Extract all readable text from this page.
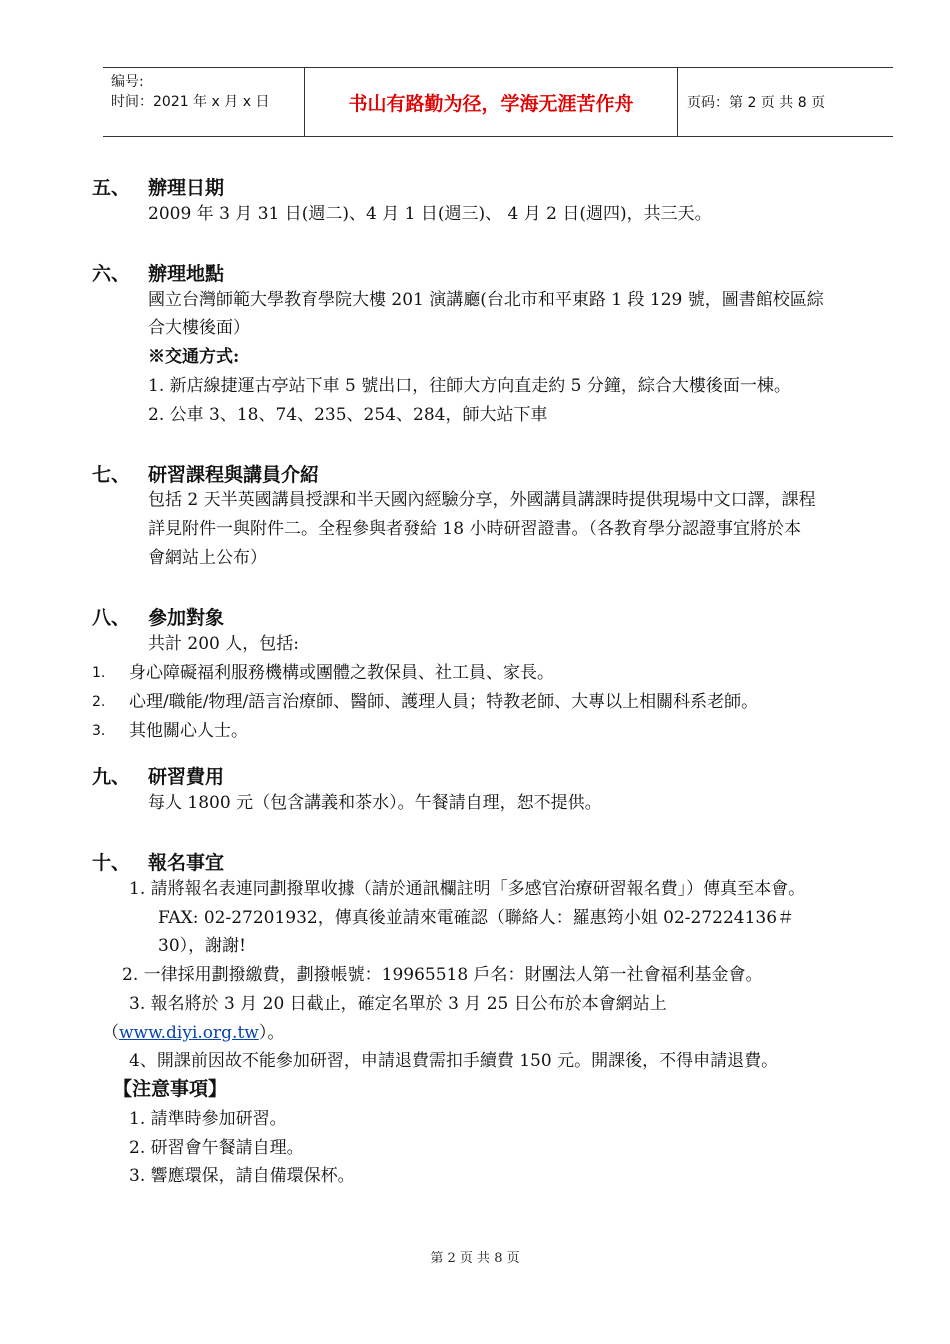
编号:
时间：2021 年 x 月 x 日	书山有路勤为径，学海无涯苦作舟	页码：第 2 页 共 8 页
五、 辦理日期
2009 年 3 月 31 日(週二)、4 月 1 日(週三)、 4 月 2 日(週四)，共三天。
六、 辦理地點
國立台灣師範大學教育學院大樓 201 演講廳(台北市和平東路 1 段 129 號，圖書館校區綜
合大樓後面）
※交通方式:
1. 新店線捷運古亭站下車 5 號出口，往師大方向直走約 5 分鐘，綜合大樓後面一棟。
2. 公車 3、18、74、235、254、284，師大站下車
七、 研習課程與講員介紹
包括 2 天半英國講員授課和半天國內經驗分享，外國講員講課時提供現場中文口譯，課程
詳見附件一與附件二。全程參與者發給 18 小時研習證書。（各教育學分認證事宜將於本
會網站上公布）
八、 參加對象
共計 200 人，包括:
1. 身心障礙福利服務機構或團體之教保員、社工員、家長。
2. 心理/職能/物理/語言治療師、醫師、護理人員；特教老師、大專以上相關科系老師。
3. 其他關心人士。
九、 研習費用
每人 1800 元（包含講義和茶水）。午餐請自理，恕不提供。
十、 報名事宜
1. 請將報名表連同劃撥單收據（請於通訊欄註明「多感官治療研習報名費」）傳真至本會。
FAX: 02-27201932，傳真後並請來電確認（聯絡人：羅惠筠小姐 02-27224136＃
30），謝謝!
2. 一律採用劃撥繳費，劃撥帳號：19965518 戶名：財團法人第一社會福利基金會。
3. 報名將於 3 月 20 日截止，確定名單於 3 月 25 日公布於本會網站上
（www.diyi.org.tw）。
4、開課前因故不能參加研習，申請退費需扣手續費 150 元。開課後，不得申請退費。
【注意事項】
1. 請準時參加研習。
2. 研習會午餐請自理。
3. 響應環保，請自備環保杯。
第 2 页 共 8 页
